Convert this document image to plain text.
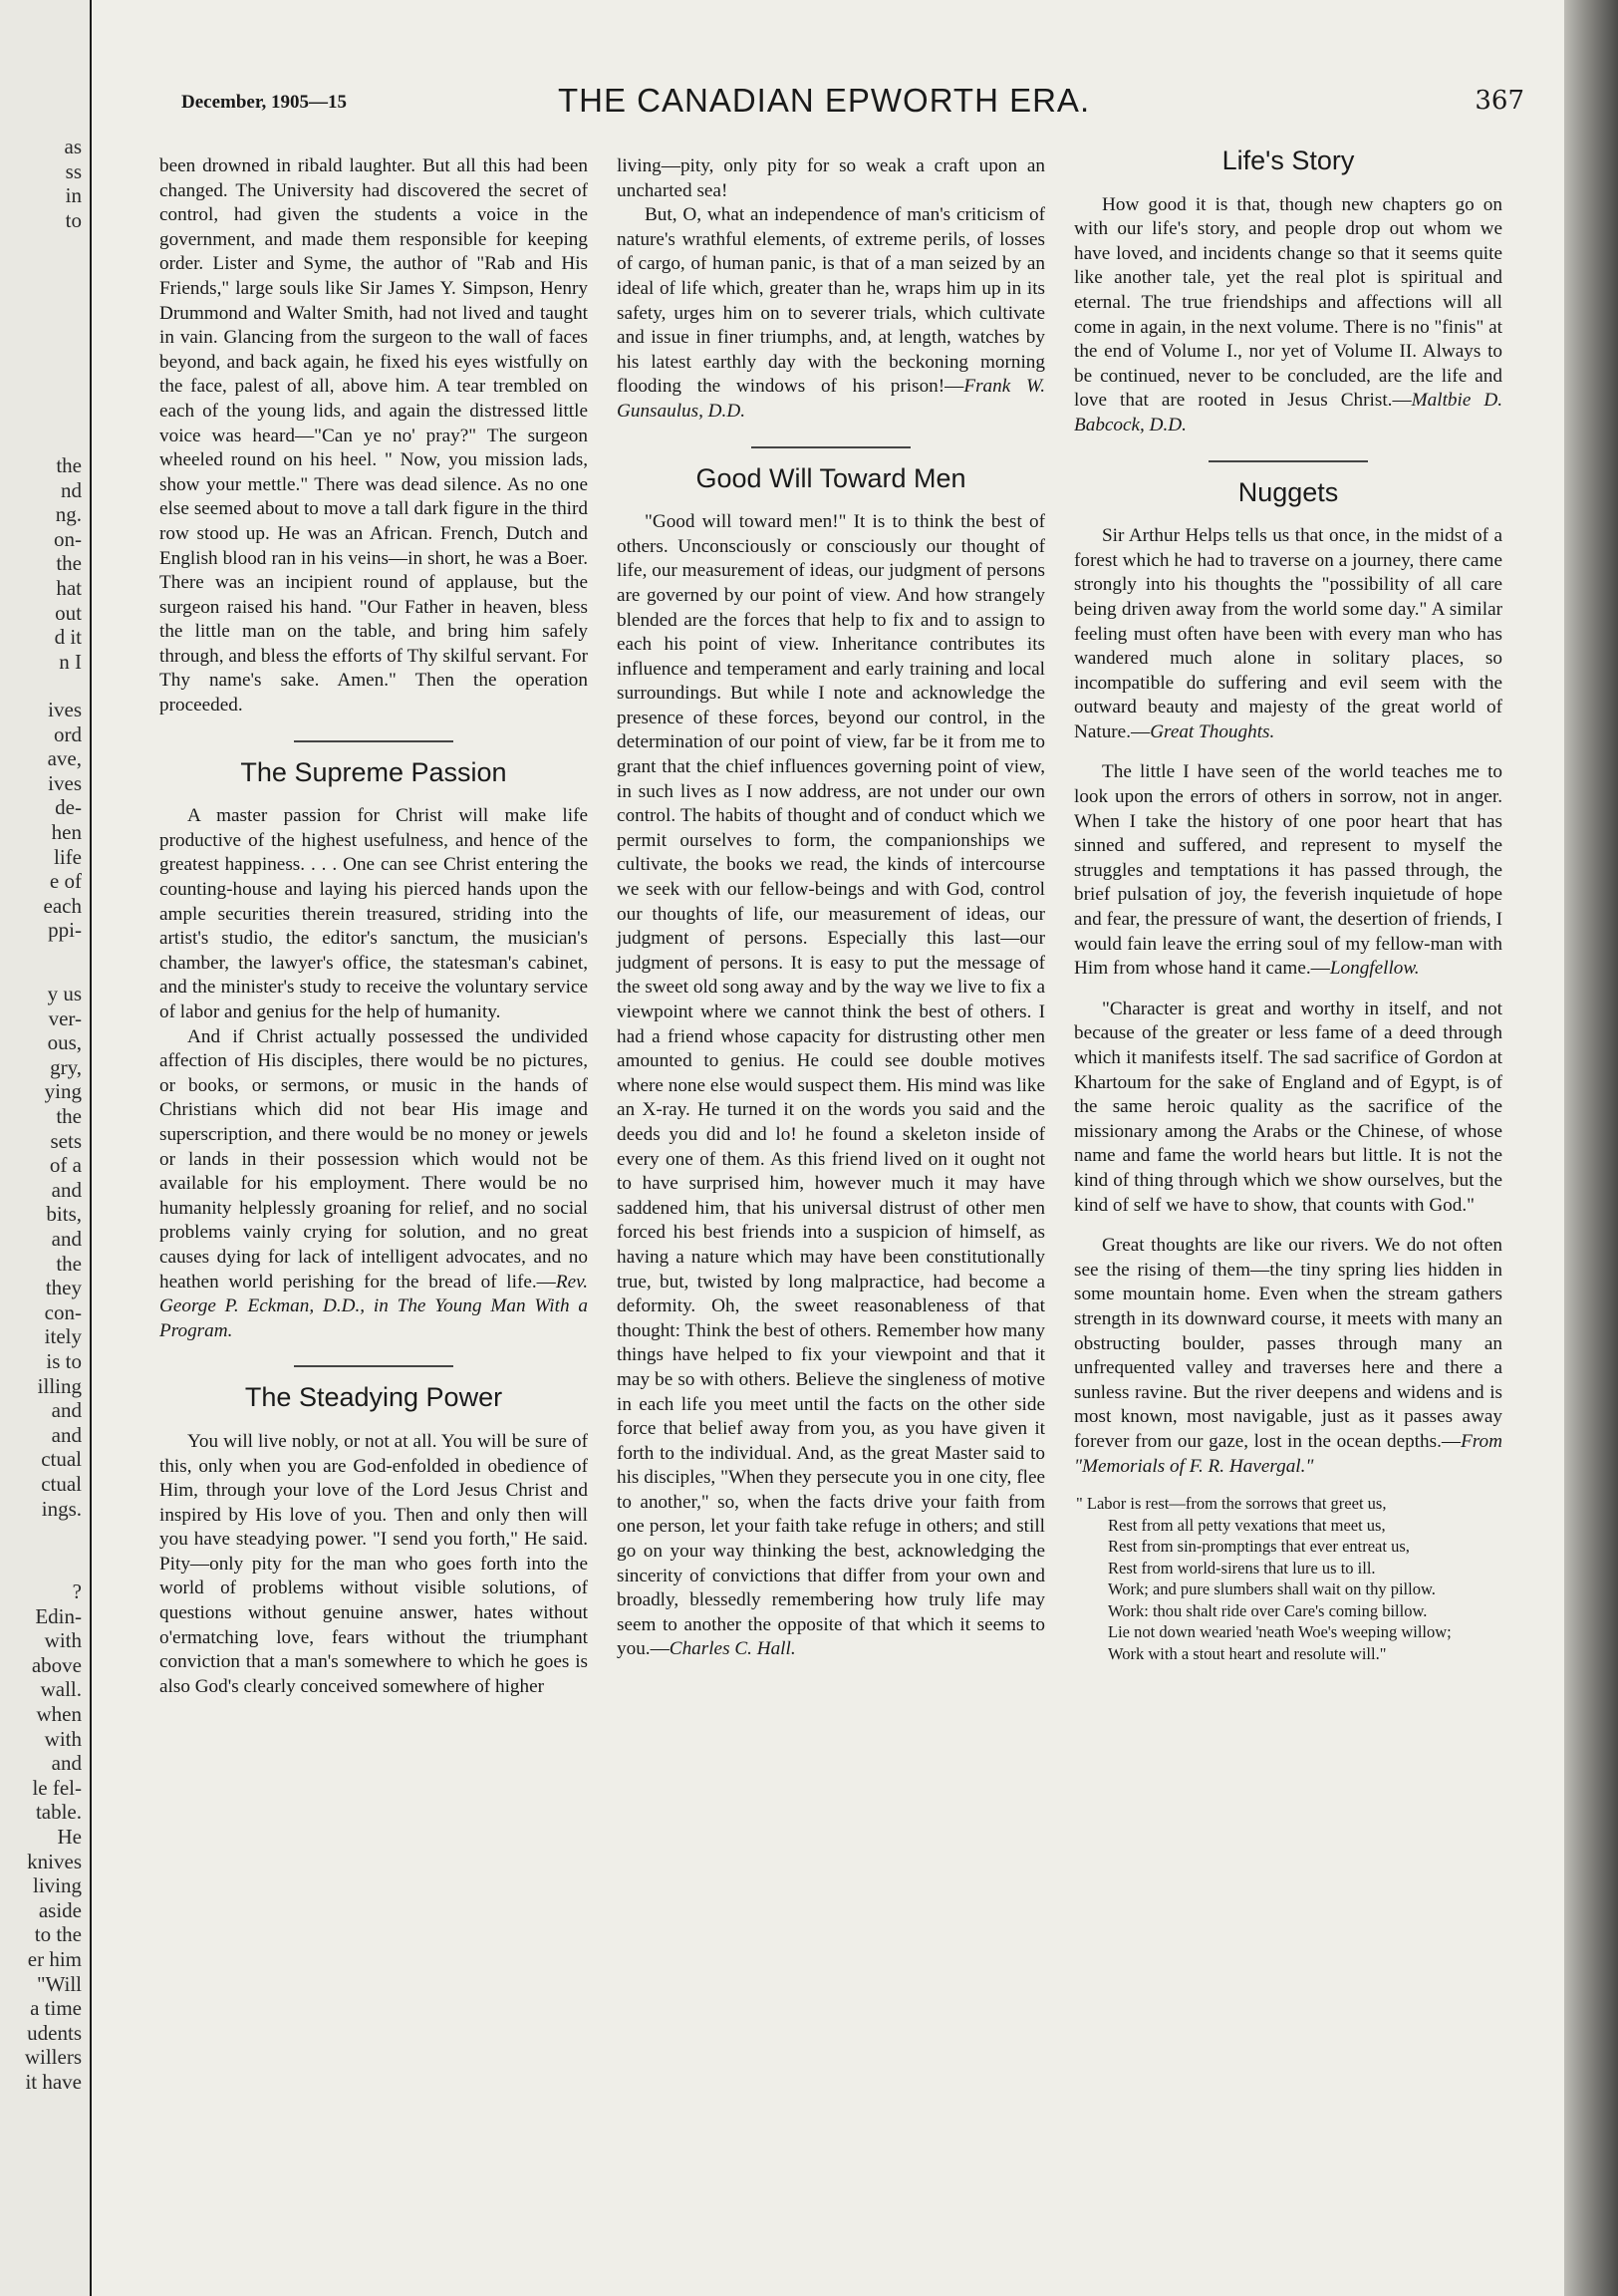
as
ss
in
to
the
nd
ng.
on-
the
hat
out
d it
n I
ives
ord
ave,
ives
de-
hen
life
e of
each
ppi-
y us
ver-
ous,
gry,
ying
the
sets
of a
and
bits,
and
the
they
con-
itely
is to
illing
and
and
ctual
ctual
ings.
?
Edin-
with
above
wall.
when
with
and
le fel-
table.
He
knives
living
aside
to the
er him
"Will
a time
udents
willers
it have
December, 1905—15	THE CANADIAN EPWORTH ERA.	367

been drowned in ribald laughter. But all this had been changed. The University had discovered the secret of control, had given the students a voice in the government, and made them responsible for keeping order. Lister and Syme, the author of "Rab and His Friends," large souls like Sir James Y. Simpson, Henry Drummond and Walter Smith, had not lived and taught in vain. Glancing from the surgeon to the wall of faces beyond, and back again, he fixed his eyes wistfully on the face, palest of all, above him. A tear trembled on each of the young lids, and again the distressed little voice was heard—"Can ye no' pray?" The surgeon wheeled round on his heel. " Now, you mission lads, show your mettle." There was dead silence. As no one else seemed about to move a tall dark figure in the third row stood up. He was an African. French, Dutch and English blood ran in his veins—in short, he was a Boer. There was an incipient round of applause, but the surgeon raised his hand. "Our Father in heaven, bless the little man on the table, and bring him safely through, and bless the efforts of Thy skilful servant. For Thy name's sake. Amen." Then the operation proceeded.

The Supreme Passion

A master passion for Christ will make life productive of the highest usefulness, and hence of the greatest happiness. . . . One can see Christ entering the counting-house and laying his pierced hands upon the ample securities therein treasured, striding into the artist's studio, the editor's sanctum, the musician's chamber, the lawyer's office, the statesman's cabinet, and the minister's study to receive the voluntary service of labor and genius for the help of humanity.

And if Christ actually possessed the undivided affection of His disciples, there would be no pictures, or books, or sermons, or music in the hands of Christians which did not bear His image and superscription, and there would be no money or jewels or lands in their possession which would not be available for his employment. There would be no humanity helplessly groaning for relief, and no social problems vainly crying for solution, and no great causes dying for lack of intelligent advocates, and no heathen world perishing for the bread of life.—Rev. George P. Eckman, D.D., in The Young Man With a Program.

The Steadying Power

You will live nobly, or not at all. You will be sure of this, only when you are God-enfolded in obedience of Him, through your love of the Lord Jesus Christ and inspired by His love of you. Then and only then will you have steadying power. "I send you forth," He said. Pity—only pity for the man who goes forth into the world of problems without visible solutions, of questions without genuine answer, hates without o'ermatching love, fears without the triumphant conviction that a man's somewhere to which he goes is also God's clearly conceived somewhere of higher

living—pity, only pity for so weak a craft upon an uncharted sea!

But, O, what an independence of man's criticism of nature's wrathful elements, of extreme perils, of losses of cargo, of human panic, is that of a man seized by an ideal of life which, greater than he, wraps him up in its safety, urges him on to severer trials, which cultivate and issue in finer triumphs, and, at length, watches by his latest earthly day with the beckoning morning flooding the windows of his prison!—Frank W. Gunsaulus, D.D.

Good Will Toward Men

"Good will toward men!" It is to think the best of others. Unconsciously or consciously our thought of life, our measurement of ideas, our judgment of persons are governed by our point of view. And how strangely blended are the forces that help to fix and to assign to each his point of view. Inheritance contributes its influence and temperament and early training and local surroundings. But while I note and acknowledge the presence of these forces, beyond our control, in the determination of our point of view, far be it from me to grant that the chief influences governing point of view, in such lives as I now address, are not under our own control. The habits of thought and of conduct which we permit ourselves to form, the companionships we cultivate, the books we read, the kinds of intercourse we seek with our fellow-beings and with God, control our thoughts of life, our measurement of ideas, our judgment of persons. Especially this last—our judgment of persons. It is easy to put the message of the sweet old song away and by the way we live to fix a viewpoint where we cannot think the best of others. I had a friend whose capacity for distrusting other men amounted to genius. He could see double motives where none else would suspect them. His mind was like an X-ray. He turned it on the words you said and the deeds you did and lo! he found a skeleton inside of every one of them. As this friend lived on it ought not to have surprised him, however much it may have saddened him, that his universal distrust of other men forced his best friends into a suspicion of himself, as having a nature which may have been constitutionally true, but, twisted by long malpractice, had become a deformity. Oh, the sweet reasonableness of that thought: Think the best of others. Remember how many things have helped to fix your viewpoint and that it may be so with others. Believe the singleness of motive in each life you meet until the facts on the other side force that belief away from you, as you have given it forth to the individual. And, as the great Master said to his disciples, "When they persecute you in one city, flee to another," so, when the facts drive your faith from one person, let your faith take refuge in others; and still go on your way thinking the best, acknowledging the sincerity of convictions that differ from your own and broadly, blessedly remembering how truly life may seem to another the opposite of that which it seems to you.—Charles C. Hall.

Life's Story

How good it is that, though new chapters go on with our life's story, and people drop out whom we have loved, and incidents change so that it seems quite like another tale, yet the real plot is spiritual and eternal. The true friendships and affections will all come in again, in the next volume. There is no "finis" at the end of Volume I., nor yet of Volume II. Always to be continued, never to be concluded, are the life and love that are rooted in Jesus Christ.—Maltbie D. Babcock, D.D.

Nuggets

Sir Arthur Helps tells us that once, in the midst of a forest which he had to traverse on a journey, there came strongly into his thoughts the "possibility of all care being driven away from the world some day." A similar feeling must often have been with every man who has wandered much alone in solitary places, so incompatible do suffering and evil seem with the outward beauty and majesty of the great world of Nature.—Great Thoughts.

The little I have seen of the world teaches me to look upon the errors of others in sorrow, not in anger. When I take the history of one poor heart that has sinned and suffered, and represent to myself the struggles and temptations it has passed through, the brief pulsation of joy, the feverish inquietude of hope and fear, the pressure of want, the desertion of friends, I would fain leave the erring soul of my fellow-man with Him from whose hand it came.—Longfellow.

"Character is great and worthy in itself, and not because of the greater or less fame of a deed through which it manifests itself. The sad sacrifice of Gordon at Khartoum for the sake of England and of Egypt, is of the same heroic quality as the sacrifice of the missionary among the Arabs or the Chinese, of whose name and fame the world hears but little. It is not the kind of thing through which we show ourselves, but the kind of self we have to show, that counts with God."

Great thoughts are like our rivers. We do not often see the rising of them—the tiny spring lies hidden in some mountain home. Even when the stream gathers strength in its downward course, it meets with many an obstructing boulder, passes through many an unfrequented valley and traverses here and there a sunless ravine. But the river deepens and widens and is most known, most navigable, just as it passes away forever from our gaze, lost in the ocean depths.—From "Memorials of F. R. Havergal."

" Labor is rest—from the sorrows that greet us,
Rest from all petty vexations that meet us,
Rest from sin-promptings that ever entreat us,
Rest from world-sirens that lure us to ill.
Work; and pure slumbers shall wait on thy pillow.
Work: thou shalt ride over Care's coming billow.
Lie not down wearied 'neath Woe's weeping willow;
Work with a stout heart and resolute will."
